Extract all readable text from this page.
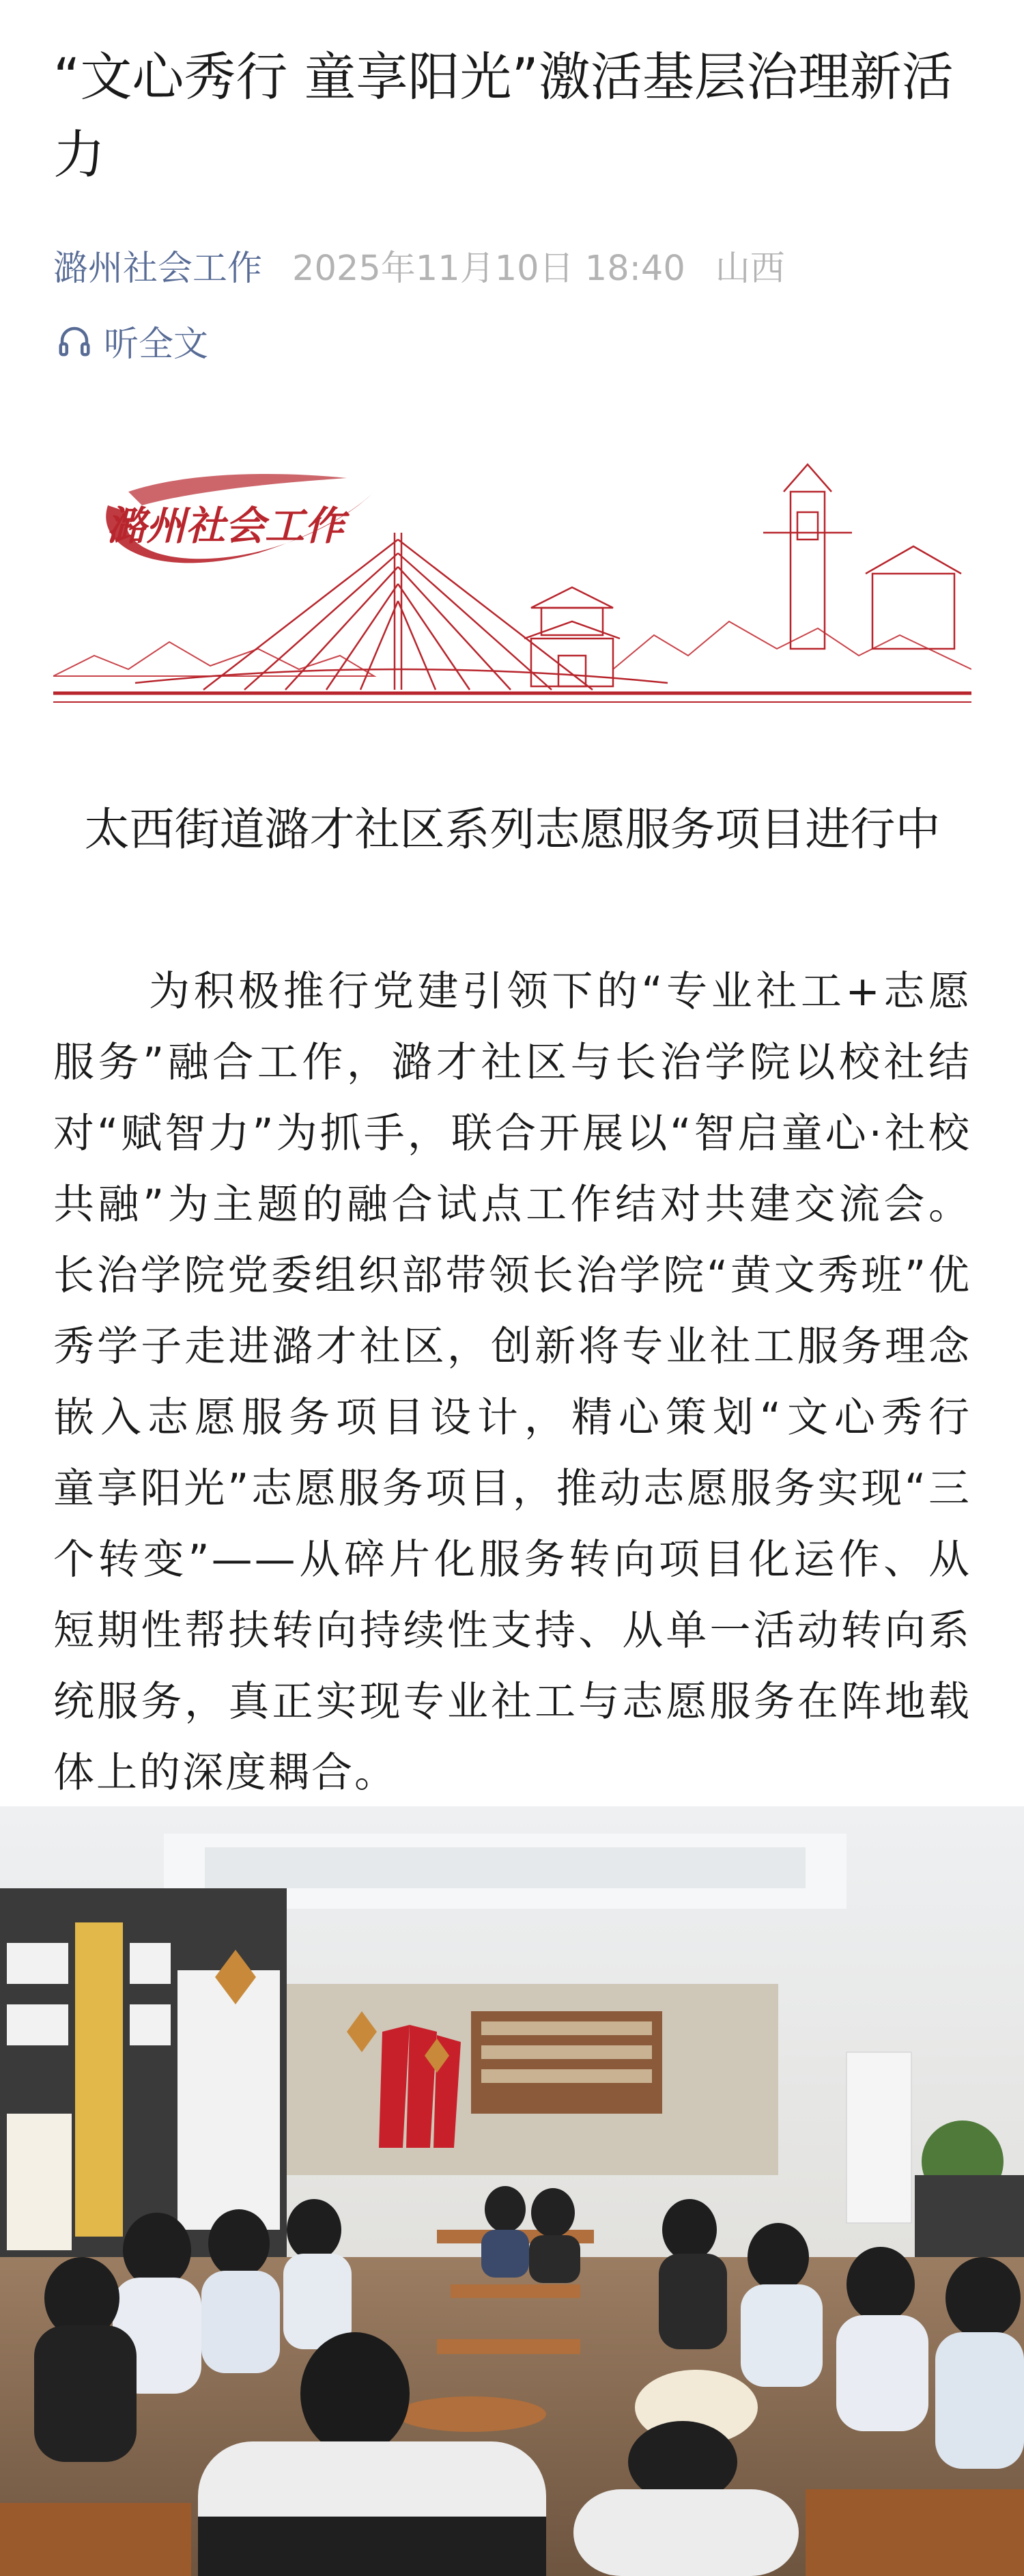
“文心秀行 童享阳光”激活基层治理新活力
潞州社会工作 2025年11月10日 18:40 山西
听全文
潞州社会工作
太西街道潞才社区系列志愿服务项目进行中

为积极推行党建引领下的“专业社工+志愿服务”融合工作，潞才社区与长治学院以校社结对“赋智力”为抓手，联合开展以“智启童心·社校共融”为主题的融合试点工作结对共建交流会。长治学院党委组织部带领长治学院“黄文秀班”优秀学子走进潞才社区，创新将专业社工服务理念嵌入志愿服务项目设计，精心策划“文心秀行　童享阳光”志愿服务项目，推动志愿服务实现“三个转变”——从碎片化服务转向项目化运作、从短期性帮扶转向持续性支持、从单一活动转向系统服务，真正实现专业社工与志愿服务在阵地载体上的深度耦合。
